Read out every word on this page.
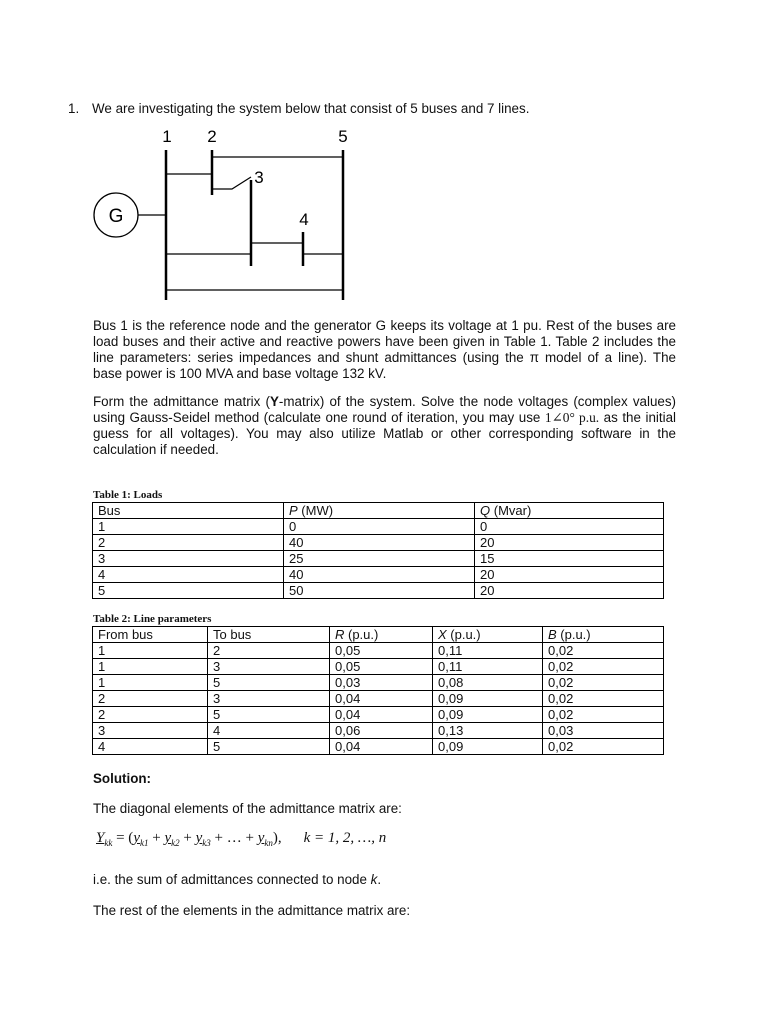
1. We are investigating the system below that consist of 5 buses and 7 lines.
G
1 2	5
3
4
Bus 1 is the reference node and the generator G keeps its voltage at 1 pu. Rest of the buses are load buses and their active and reactive powers have been given in Table 1. Table 2 includes the line parameters: series impedances and shunt admittances (using the π model of a line). The base power is 100 MVA and base voltage 132 kV.
Form the admittance matrix (Y-matrix) of the system. Solve the node voltages (complex values) using Gauss-Seidel method (calculate one round of iteration, you may use 1∠0° p.u. as the initial guess for all voltages). You may also utilize Matlab or other corresponding software in the calculation if needed.
Table 1: Loads
Bus	P (MW)	Q (Mvar)
1	0	0
2	40	20
3	25	15
4	40	20
5	50	20
Table 2: Line parameters
From bus	To bus	R (p.u.)	X (p.u.)	B (p.u.)
1	2	0,05	0,11	0,02
1	3	0,05	0,11	0,02
1	5	0,03	0,08	0,02
2	3	0,04	0,09	0,02
2	5	0,04	0,09	0,02
3	4	0,06	0,13	0,03
4	5	0,04	0,09	0,02
Solution:
The diagonal elements of the admittance matrix are:
$Y_{kk} = (y_{k1} + y_{k2} + y_{k3}$ + … + $y_{kn}$), k = 1, 2, …, n
i.e. the sum of admittances connected to node k.
The rest of the elements in the admittance matrix are:
